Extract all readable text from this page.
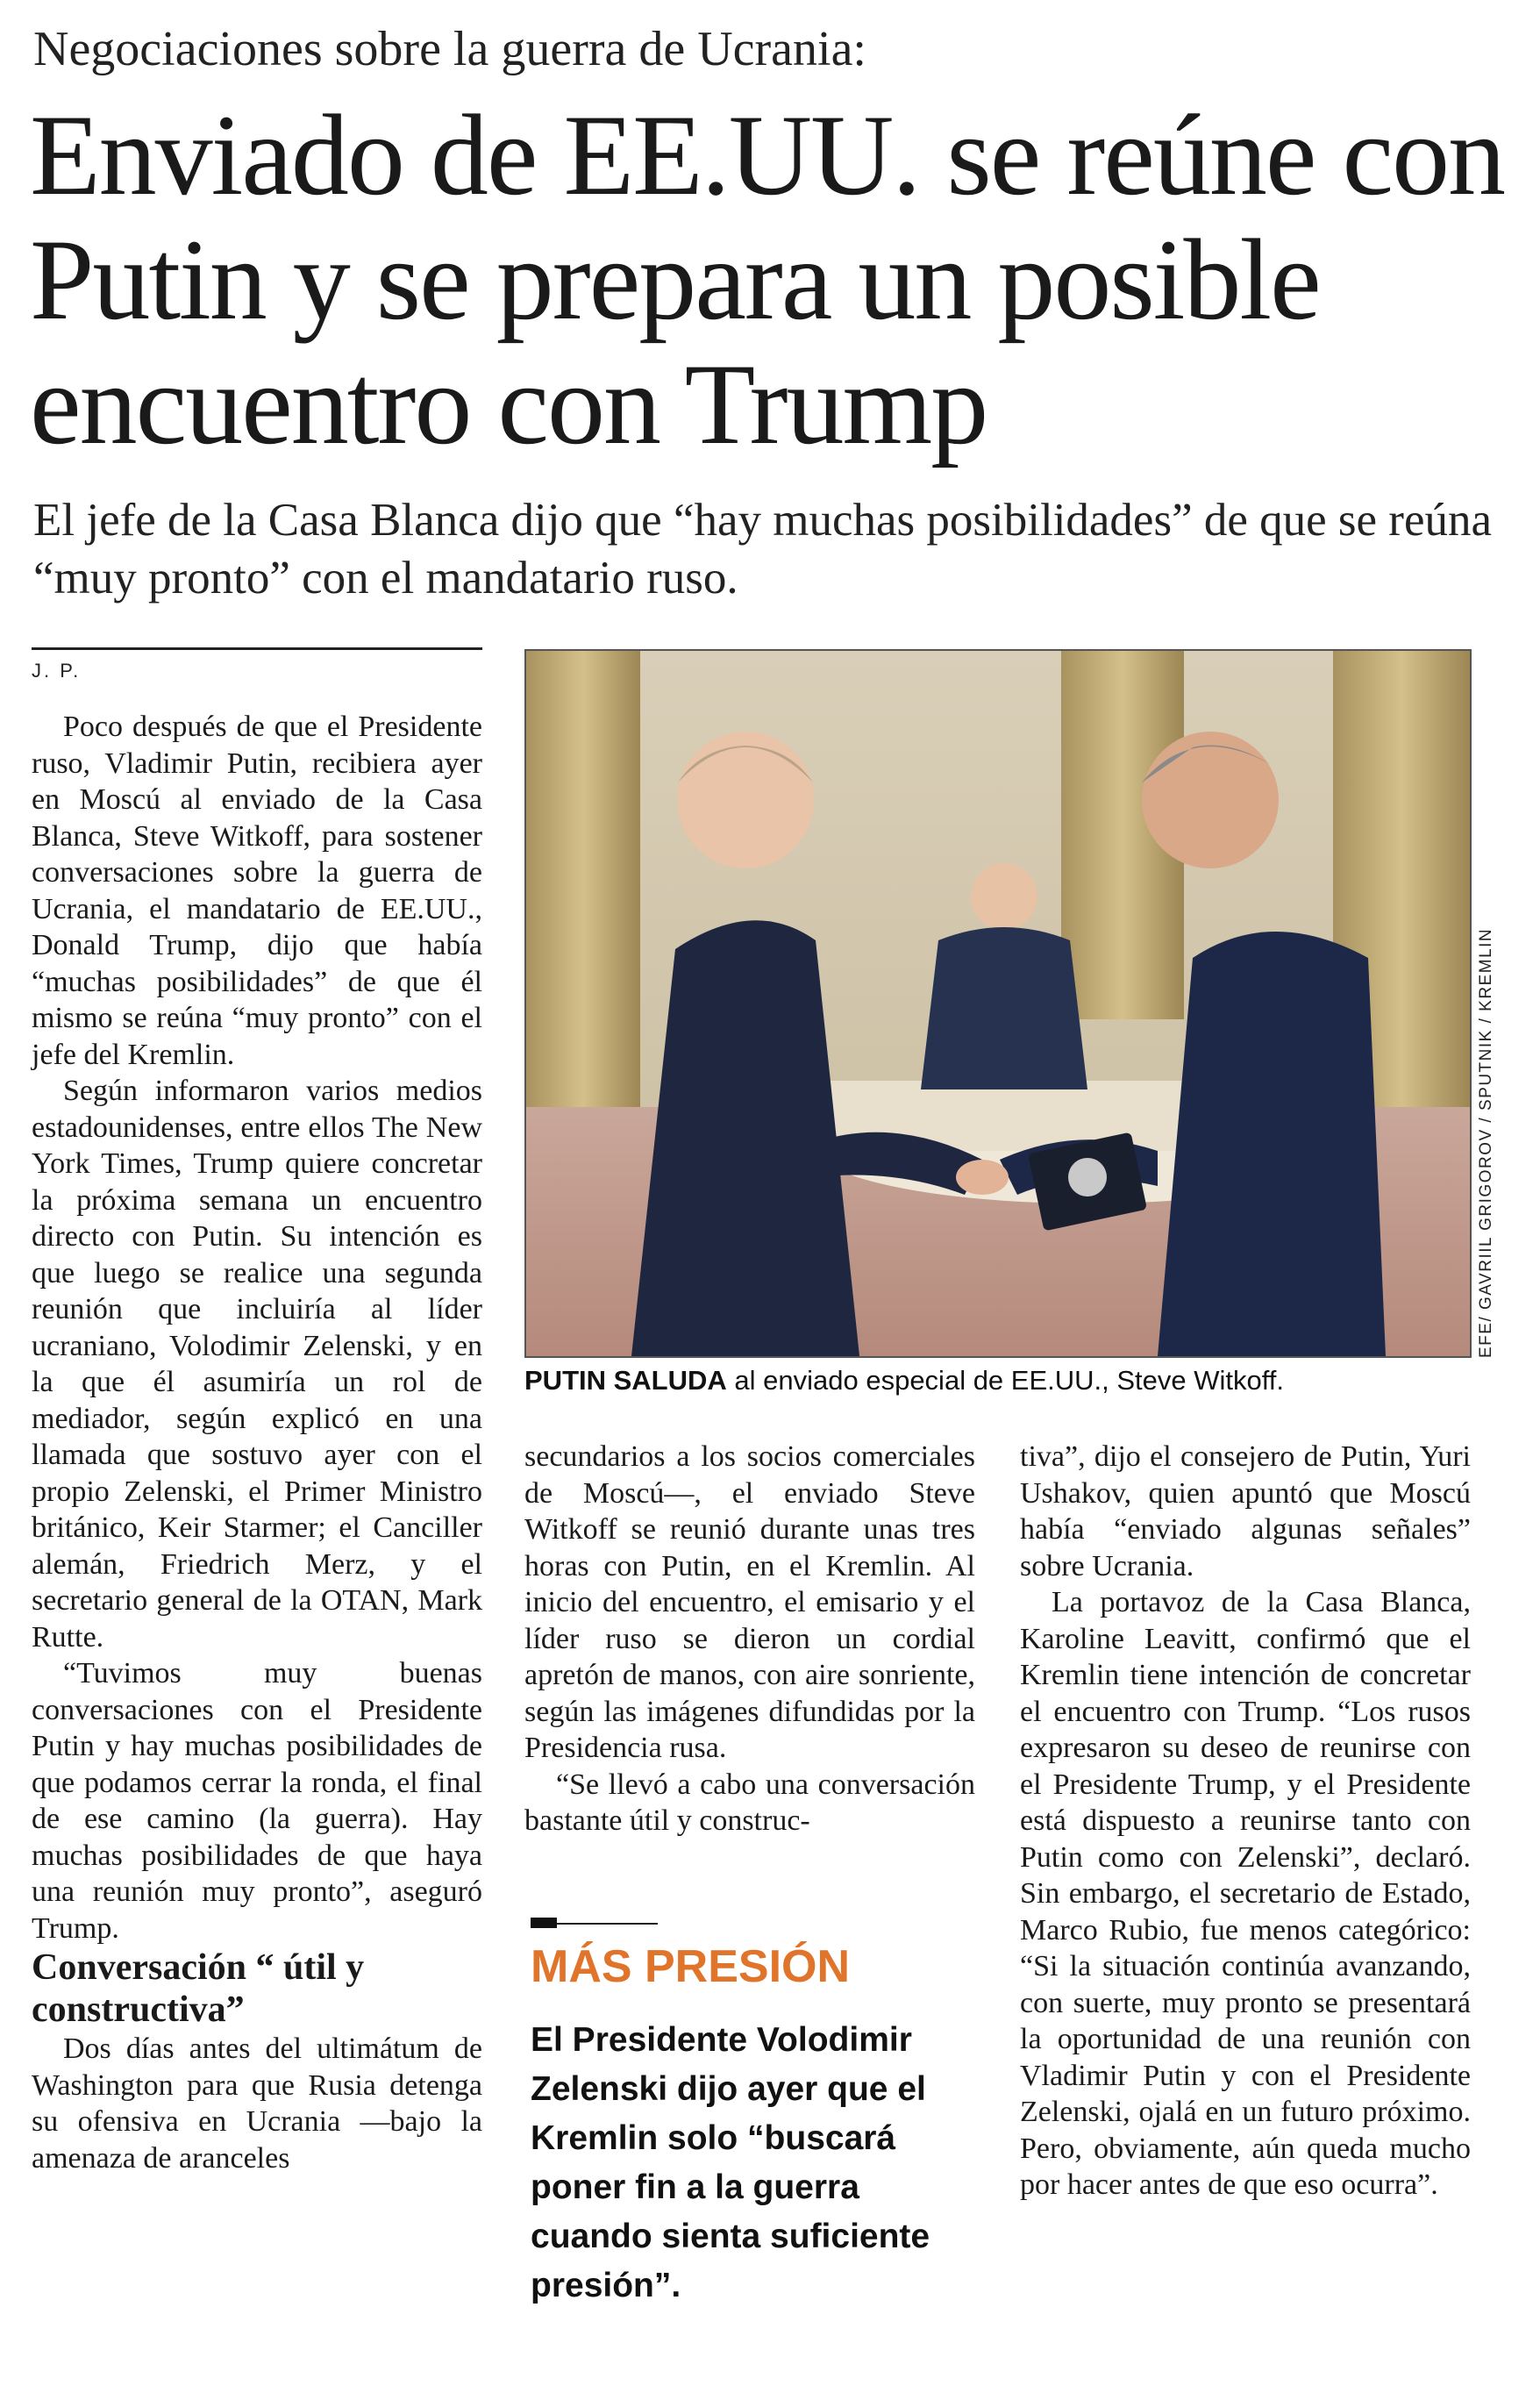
Negociaciones sobre la guerra de Ucrania:
Enviado de EE.UU. se reúne con Putin y se prepara un posible encuentro con Trump
El jefe de la Casa Blanca dijo que “hay muchas posibilidades” de que se reúna “muy pronto” con el mandatario ruso.
J. P.

Poco después de que el Presidente ruso, Vladimir Putin, recibiera ayer en Moscú al enviado de la Casa Blanca, Steve Witkoff, para sostener conversaciones sobre la guerra de Ucrania, el mandatario de EE.UU., Donald Trump, dijo que había “muchas posibilidades” de que él mismo se reúna “muy pronto” con el jefe del Kremlin.

Según informaron varios medios estadounidenses, entre ellos The New York Times, Trump quiere concretar la próxima semana un encuentro directo con Putin. Su intención es que luego se realice una segunda reunión que incluiría al líder ucraniano, Volodimir Zelenski, y en la que él asumiría un rol de mediador, según explicó en una llamada que sostuvo ayer con el propio Zelenski, el Primer Ministro británico, Keir Starmer; el Canciller alemán, Friedrich Merz, y el secretario general de la OTAN, Mark Rutte.

“Tuvimos muy buenas conversaciones con el Presidente Putin y hay muchas posibilidades de que podamos cerrar la ronda, el final de ese camino (la guerra). Hay muchas posibilidades de que haya una reunión muy pronto”, aseguró Trump.

Conversación “ útil y constructiva”

Dos días antes del ultimátum de Washington para que Rusia detenga su ofensiva en Ucrania —bajo la amenaza de aranceles

EFE/ GAVRIIL GRIGOROV / SPUTNIK / KREMLIN
PUTIN SALUDA al enviado especial de EE.UU., Steve Witkoff.

secundarios a los socios comerciales de Moscú—, el enviado Steve Witkoff se reunió durante unas tres horas con Putin, en el Kremlin. Al inicio del encuentro, el emisario y el líder ruso se dieron un cordial apretón de manos, con aire sonriente, según las imágenes difundidas por la Presidencia rusa.

“Se llevó a cabo una conversación bastante útil y construc-

MÁS PRESIÓN
El Presidente Volodimir Zelenski dijo ayer que el Kremlin solo “buscará poner fin a la guerra cuando sienta suficiente presión”.

tiva”, dijo el consejero de Putin, Yuri Ushakov, quien apuntó que Moscú había “enviado algunas señales” sobre Ucrania.

La portavoz de la Casa Blanca, Karoline Leavitt, confirmó que el Kremlin tiene intención de concretar el encuentro con Trump. “Los rusos expresaron su deseo de reunirse con el Presidente Trump, y el Presidente está dispuesto a reunirse tanto con Putin como con Zelenski”, declaró. Sin embargo, el secretario de Estado, Marco Rubio, fue menos categórico: “Si la situación continúa avanzando, con suerte, muy pronto se presentará la oportunidad de una reunión con Vladimir Putin y con el Presidente Zelenski, ojalá en un futuro próximo. Pero, obviamente, aún queda mucho por hacer antes de que eso ocurra”.
